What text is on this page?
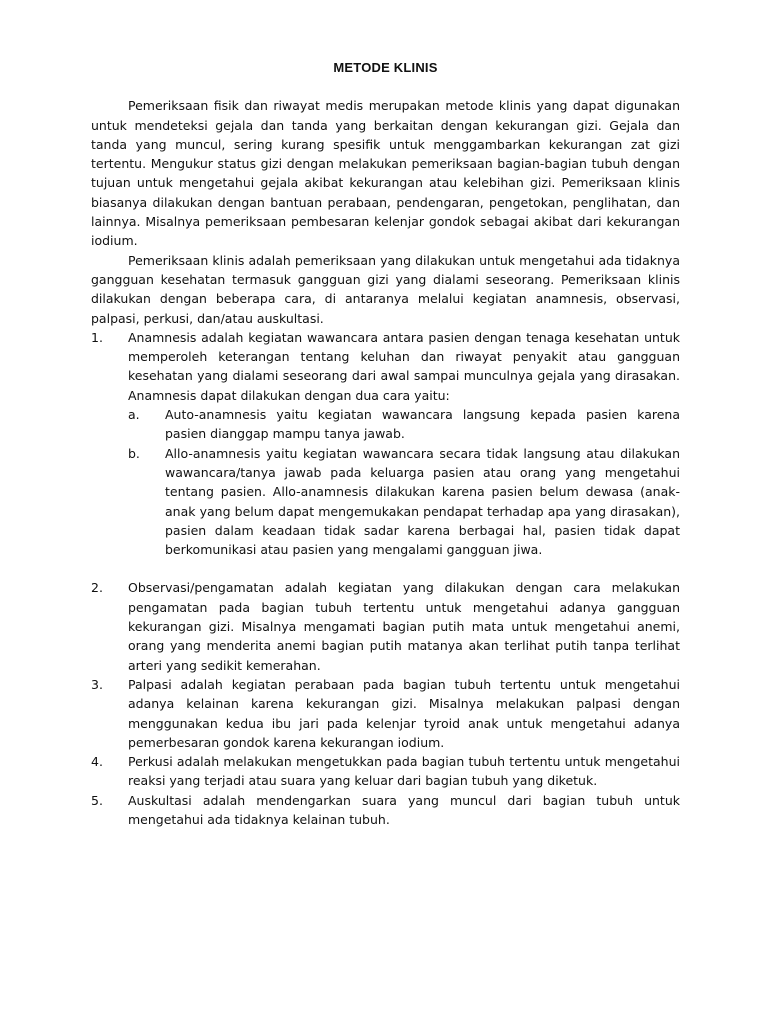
METODE KLINIS

Pemeriksaan fisik dan riwayat medis merupakan metode klinis yang dapat digunakan untuk mendeteksi gejala dan tanda yang berkaitan dengan kekurangan gizi. Gejala dan tanda yang muncul, sering kurang spesifik untuk menggambarkan kekurangan zat gizi tertentu. Mengukur status gizi dengan melakukan pemeriksaan bagian-bagian tubuh dengan tujuan untuk mengetahui gejala akibat kekurangan atau kelebihan gizi. Pemeriksaan klinis biasanya dilakukan dengan bantuan perabaan, pendengaran, pengetokan, penglihatan, dan lainnya. Misalnya pemeriksaan pembesaran kelenjar gondok sebagai akibat dari kekurangan iodium.

Pemeriksaan klinis adalah pemeriksaan yang dilakukan untuk mengetahui ada tidaknya gangguan kesehatan termasuk gangguan gizi yang dialami seseorang. Pemeriksaan klinis dilakukan dengan beberapa cara, di antaranya melalui kegiatan anamnesis, observasi, palpasi, perkusi, dan/atau auskultasi.

1. Anamnesis adalah kegiatan wawancara antara pasien dengan tenaga kesehatan untuk memperoleh keterangan tentang keluhan dan riwayat penyakit atau gangguan kesehatan yang dialami seseorang dari awal sampai munculnya gejala yang dirasakan. Anamnesis dapat dilakukan dengan dua cara yaitu:
a. Auto-anamnesis yaitu kegiatan wawancara langsung kepada pasien karena pasien dianggap mampu tanya jawab.
b. Allo-anamnesis yaitu kegiatan wawancara secara tidak langsung atau dilakukan wawancara/tanya jawab pada keluarga pasien atau orang yang mengetahui tentang pasien. Allo-anamnesis dilakukan karena pasien belum dewasa (anak-anak yang belum dapat mengemukakan pendapat terhadap apa yang dirasakan), pasien dalam keadaan tidak sadar karena berbagai hal, pasien tidak dapat berkomunikasi atau pasien yang mengalami gangguan jiwa.
2. Observasi/pengamatan adalah kegiatan yang dilakukan dengan cara melakukan pengamatan pada bagian tubuh tertentu untuk mengetahui adanya gangguan kekurangan gizi. Misalnya mengamati bagian putih mata untuk mengetahui anemi, orang yang menderita anemi bagian putih matanya akan terlihat putih tanpa terlihat arteri yang sedikit kemerahan.
3. Palpasi adalah kegiatan perabaan pada bagian tubuh tertentu untuk mengetahui adanya kelainan karena kekurangan gizi. Misalnya melakukan palpasi dengan menggunakan kedua ibu jari pada kelenjar tyroid anak untuk mengetahui adanya pemerbesaran gondok karena kekurangan iodium.
4. Perkusi adalah melakukan mengetukkan pada bagian tubuh tertentu untuk mengetahui reaksi yang terjadi atau suara yang keluar dari bagian tubuh yang diketuk.
5. Auskultasi adalah mendengarkan suara yang muncul dari bagian tubuh untuk mengetahui ada tidaknya kelainan tubuh.
